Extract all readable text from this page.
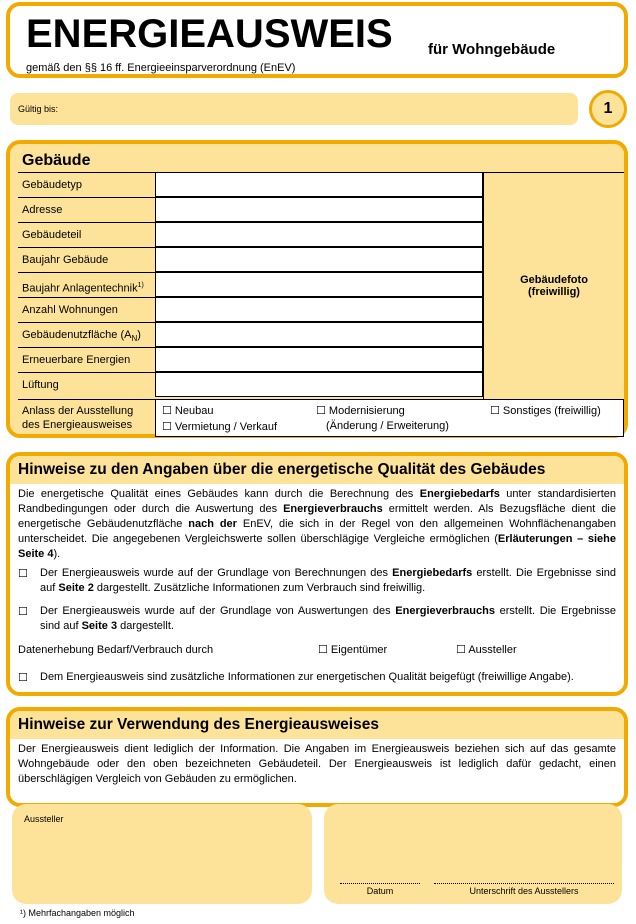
ENERGIEAUSWEIS für Wohngebäude
gemäß den §§ 16 ff. Energieeinsparverordnung (EnEV)
Gültig bis:	1
Gebäude
Gebäudetyp
Adresse
Gebäudeteil
Baujahr Gebäude
Baujahr Anlagentechnik$^{1)}$
Anzahl Wohnungen
Gebäudenutzfläche $(A_N)$
Erneuerbare Energien
Lüftung
Gebäudefoto
(freiwillig)
Anlass der Ausstellung
des Energieausweises
☐ Neubau
☐ Vermietung / Verkauf
☐ Modernisierung
(Änderung / Erweiterung)
☐ Sonstiges (freiwillig)
Hinweise zu den Angaben über die energetische Qualität des Gebäudes
Die energetische Qualität eines Gebäudes kann durch die Berechnung des Energiebedarfs unter standardisierten Randbedingungen oder durch die Auswertung des Energieverbrauchs ermittelt werden. Als Bezugsfläche dient die energetische Gebäudenutzfläche nach der EnEV, die sich in der Regel von den allgemeinen Wohnflächenangaben unterscheidet. Die angegebenen Vergleichswerte sollen überschlägige Vergleiche ermöglichen (Erläuterungen – siehe Seite 4).
☐ Der Energieausweis wurde auf der Grundlage von Berechnungen des Energiebedarfs erstellt. Die Ergebnisse sind auf Seite 2 dargestellt. Zusätzliche Informationen zum Verbrauch sind freiwillig.
☐ Der Energieausweis wurde auf der Grundlage von Auswertungen des Energieverbrauchs erstellt. Die Ergebnisse sind auf Seite 3 dargestellt.
Datenerhebung Bedarf/Verbrauch durch	☐ Eigentümer	☐ Aussteller
☐ Dem Energieausweis sind zusätzliche Informationen zur energetischen Qualität beigefügt (freiwillige Angabe).
Hinweise zur Verwendung des Energieausweises
Der Energieausweis dient lediglich der Information. Die Angaben im Energieausweis beziehen sich auf das gesamte Wohngebäude oder den oben bezeichneten Gebäudeteil. Der Energieausweis ist lediglich dafür gedacht, einen überschlägigen Vergleich von Gebäuden zu ermöglichen.
Aussteller
Datum	Unterschrift des Ausstellers
¹) Mehrfachangaben möglich
